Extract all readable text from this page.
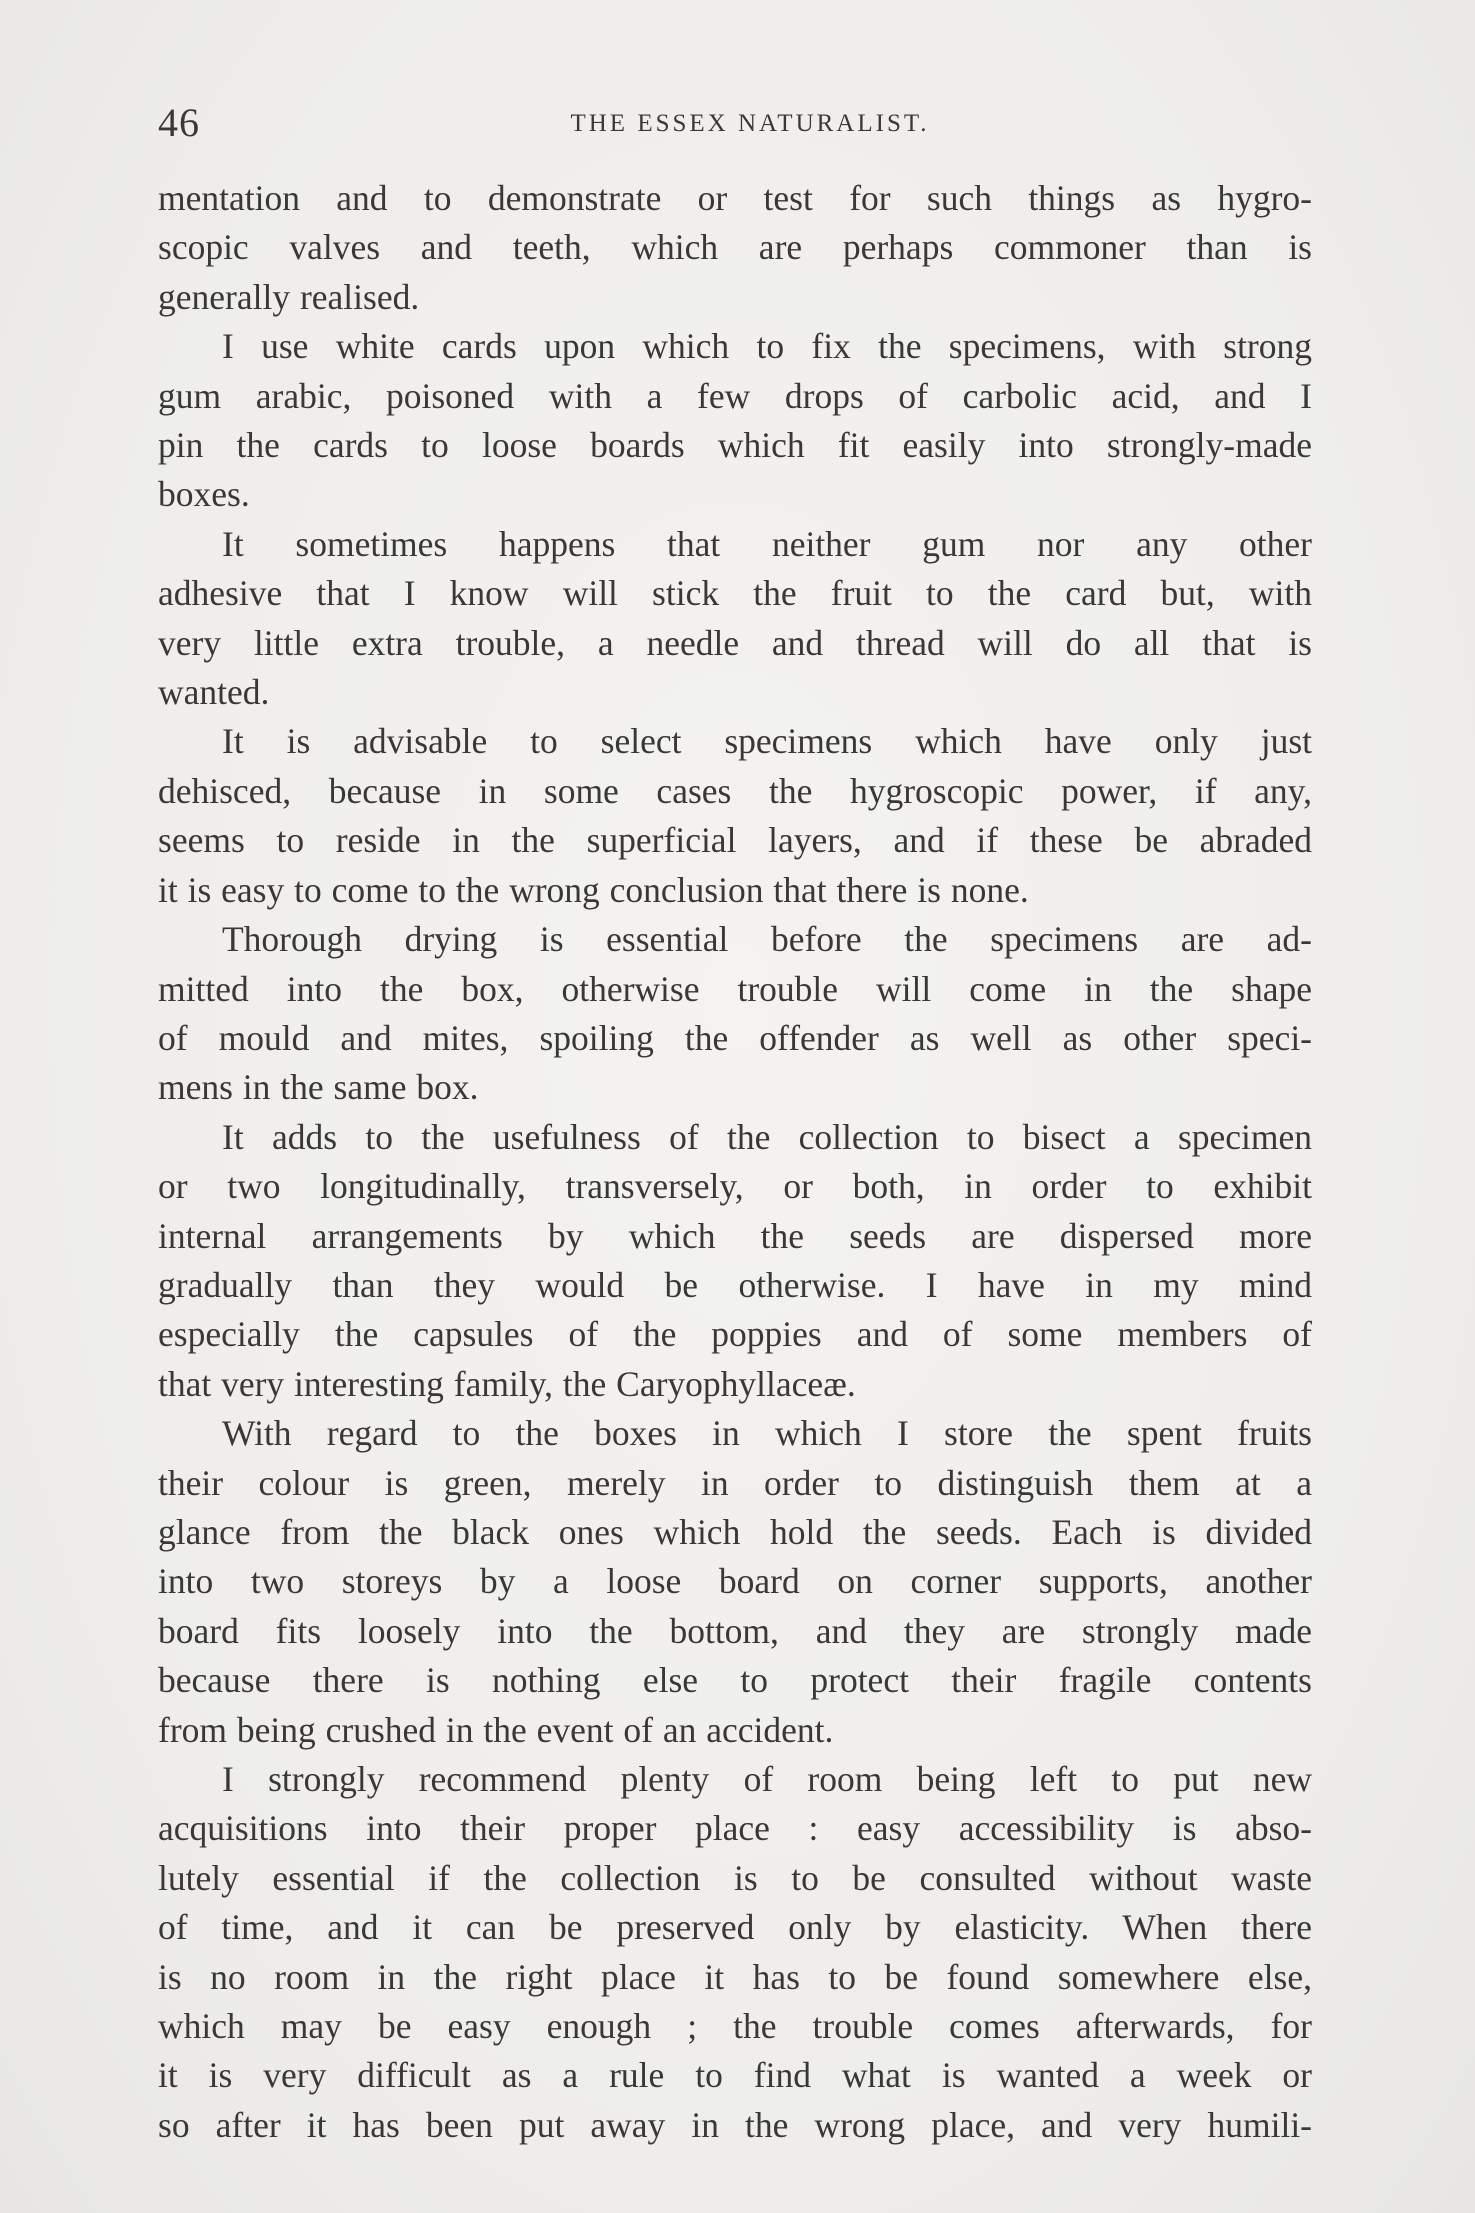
46	THE ESSEX NATURALIST.

mentation and to demonstrate or test for such things as hygro-
scopic valves and teeth, which are perhaps commoner than is
generally realised.

I use white cards upon which to fix the specimens, with strong
gum arabic, poisoned with a few drops of carbolic acid, and I
pin the cards to loose boards which fit easily into strongly-made
boxes.

It sometimes happens that neither gum nor any other
adhesive that I know will stick the fruit to the card but, with
very little extra trouble, a needle and thread will do all that is
wanted.

It is advisable to select specimens which have only just
dehisced, because in some cases the hygroscopic power, if any,
seems to reside in the superficial layers, and if these be abraded
it is easy to come to the wrong conclusion that there is none.

Thorough drying is essential before the specimens are ad-
mitted into the box, otherwise trouble will come in the shape
of mould and mites, spoiling the offender as well as other speci-
mens in the same box.

It adds to the usefulness of the collection to bisect a specimen
or two longitudinally, transversely, or both, in order to exhibit
internal arrangements by which the seeds are dispersed more
gradually than they would be otherwise. I have in my mind
especially the capsules of the poppies and of some members of
that very interesting family, the Caryophyllaceæ.

With regard to the boxes in which I store the spent fruits
their colour is green, merely in order to distinguish them at a
glance from the black ones which hold the seeds. Each is divided
into two storeys by a loose board on corner supports, another
board fits loosely into the bottom, and they are strongly made
because there is nothing else to protect their fragile contents
from being crushed in the event of an accident.

I strongly recommend plenty of room being left to put new
acquisitions into their proper place : easy accessibility is abso-
lutely essential if the collection is to be consulted without waste
of time, and it can be preserved only by elasticity. When there
is no room in the right place it has to be found somewhere else,
which may be easy enough ; the trouble comes afterwards, for
it is very difficult as a rule to find what is wanted a week or
so after it has been put away in the wrong place, and very humili-
